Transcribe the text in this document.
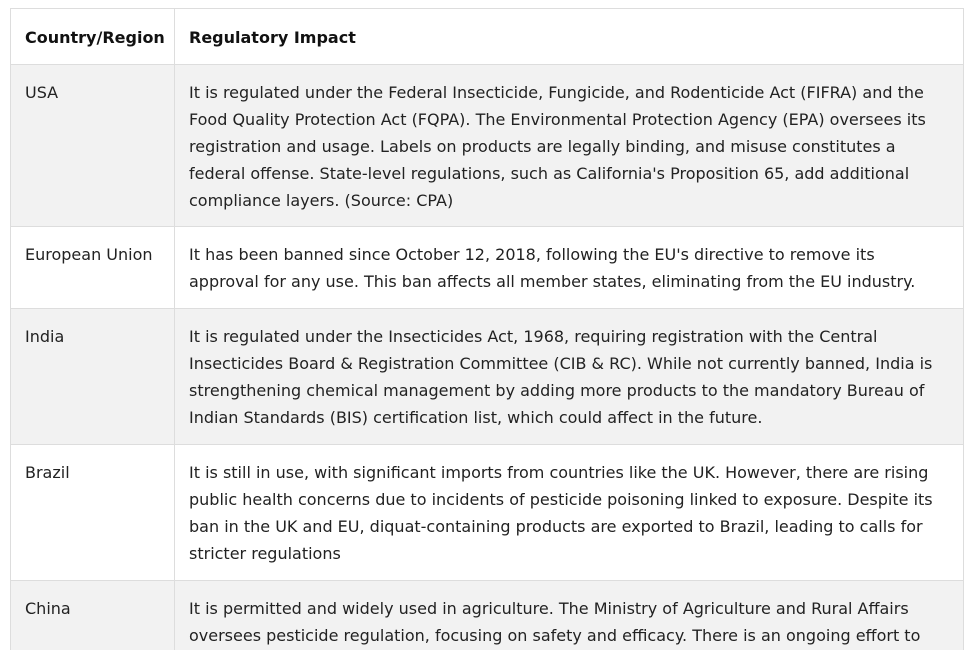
Country/Region	Regulatory Impact
USA	It is regulated under the Federal Insecticide, Fungicide, and Rodenticide Act (FIFRA) and the Food Quality Protection Act (FQPA). The Environmental Protection Agency (EPA) oversees its registration and usage. Labels on products are legally binding, and misuse constitutes a federal offense. State-level regulations, such as California's Proposition 65, add additional compliance layers. (Source: CPA)
European Union	It has been banned since October 12, 2018, following the EU's directive to remove its approval for any use. This ban affects all member states, eliminating from the EU industry.
India	It is regulated under the Insecticides Act, 1968, requiring registration with the Central Insecticides Board & Registration Committee (CIB & RC). While not currently banned, India is strengthening chemical management by adding more products to the mandatory Bureau of Indian Standards (BIS) certification list, which could affect in the future.
Brazil	It is still in use, with significant imports from countries like the UK. However, there are rising public health concerns due to incidents of pesticide poisoning linked to exposure. Despite its ban in the UK and EU, diquat-containing products are exported to Brazil, leading to calls for stricter regulations
China	It is permitted and widely used in agriculture. The Ministry of Agriculture and Rural Affairs oversees pesticide regulation, focusing on safety and efficacy. There is an ongoing effort to
